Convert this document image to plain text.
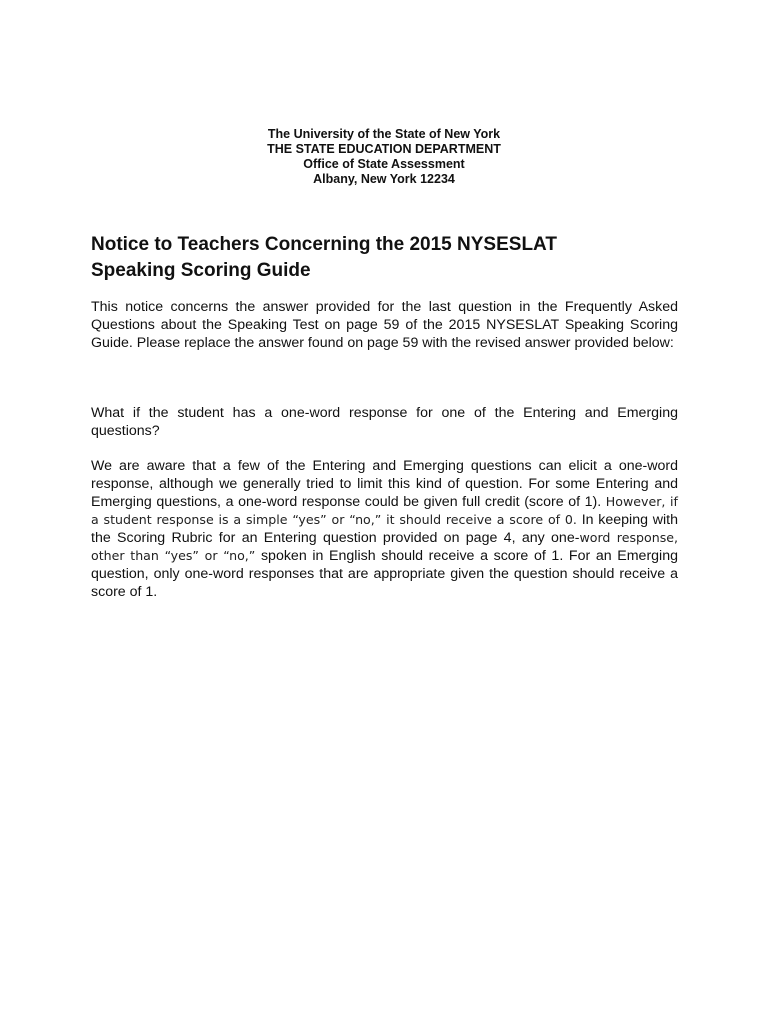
The University of the State of New York
THE STATE EDUCATION DEPARTMENT
Office of State Assessment
Albany, New York 12234
Notice to Teachers Concerning the 2015 NYSESLAT
Speaking Scoring Guide

This notice concerns the answer provided for the last question in the Frequently Asked Questions about the Speaking Test on page 59 of the 2015 NYSESLAT Speaking Scoring Guide. Please replace the answer found on page 59 with the revised answer provided below:

What if the student has a one-word response for one of the Entering and Emerging questions?

We are aware that a few of the Entering and Emerging questions can elicit a one-word response, although we generally tried to limit this kind of question. For some Entering and Emerging questions, a one-word response could be given full credit (score of 1). However, if a student response is a simple “yes” or “no,” it should receive a score of 0. In keeping with the Scoring Rubric for an Entering question provided on page 4, any one-word response, other than “yes” or “no,” spoken in English should receive a score of 1. For an Emerging question, only one-word responses that are appropriate given the question should receive a score of 1.
